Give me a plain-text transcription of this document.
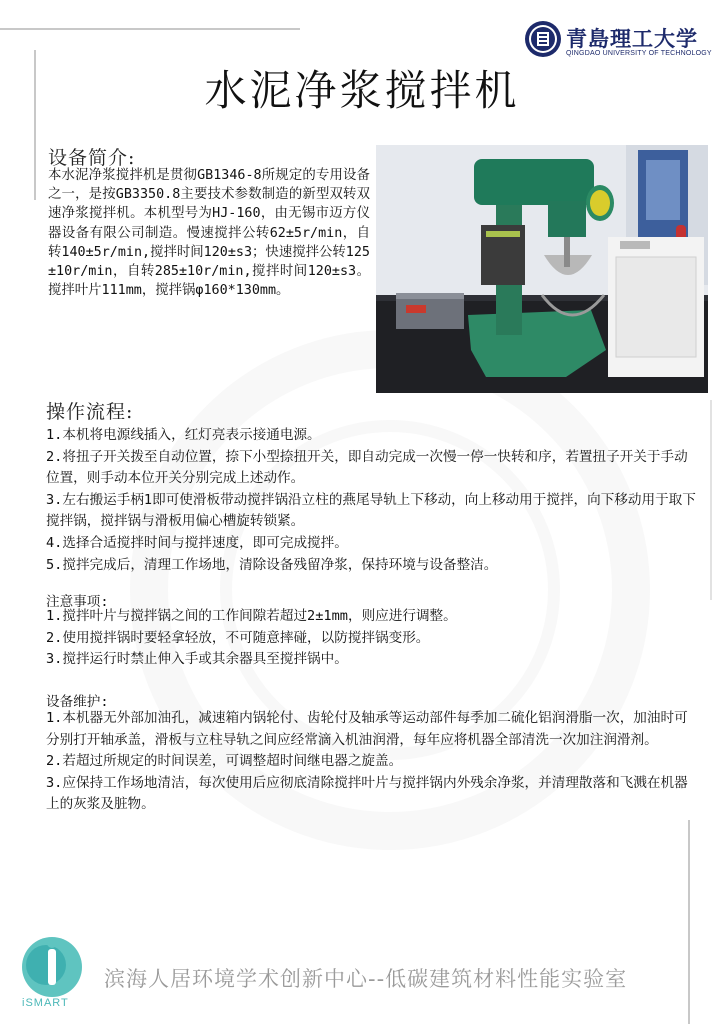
青島理工大学
QINGDAO UNIVERSITY OF TECHNOLOGY
水泥净浆搅拌机
设备简介:
本水泥净浆搅拌机是贯彻GB1346-8所规定的专用设备之一，是按GB3350.8主要技术参数制造的新型双转双速净浆搅拌机。本机型号为HJ-160，由无锡市迈方仪器设备有限公司制造。慢速搅拌公转62±5r/min，自转140±5r/min,搅拌时间120±s3；快速搅拌公转125±10r/min，自转285±10r/min,搅拌时间120±s3。搅拌叶片111mm，搅拌锅φ160*130mm。
操作流程:

1.本机将电源线插入，红灯亮表示接通电源。

2.将扭子开关拨至自动位置，捺下小型捺扭开关，即自动完成一次慢一停一快转和序，若置扭子开关于手动位置，则手动本位开关分别完成上述动作。

3.左右搬运手柄1即可使滑板带动搅拌锅沿立柱的燕尾导轨上下移动，向上移动用于搅拌，向下移动用于取下搅拌锅，搅拌锅与滑板用偏心槽旋转锁紧。

4.选择合适搅拌时间与搅拌速度，即可完成搅拌。

5.搅拌完成后，清理工作场地，清除设备残留净浆，保持环境与设备整洁。

注意事项:

1.搅拌叶片与搅拌锅之间的工作间隙若超过2±1mm，则应进行调整。

2.使用搅拌锅时要轻拿轻放，不可随意摔碰，以防搅拌锅变形。

3.搅拌运行时禁止伸入手或其余器具至搅拌锅中。

设备维护:

1.本机器无外部加油孔，减速箱内锅轮付、齿轮付及轴承等运动部件每季加二硫化铝润滑脂一次，加油时可分别打开轴承盖，滑板与立柱导轨之间应经常滴入机油润滑，每年应将机器全部清洗一次加注润滑剂。

2.若超过所规定的时间误差，可调整超时间继电器之旋盖。

3.应保持工作场地清洁，每次使用后应彻底清除搅拌叶片与搅拌锅内外残余净浆，并清理散落和飞溅在机器上的灰浆及脏物。

iSMART
滨海人居环境学术创新中心--低碳建筑材料性能实验室
